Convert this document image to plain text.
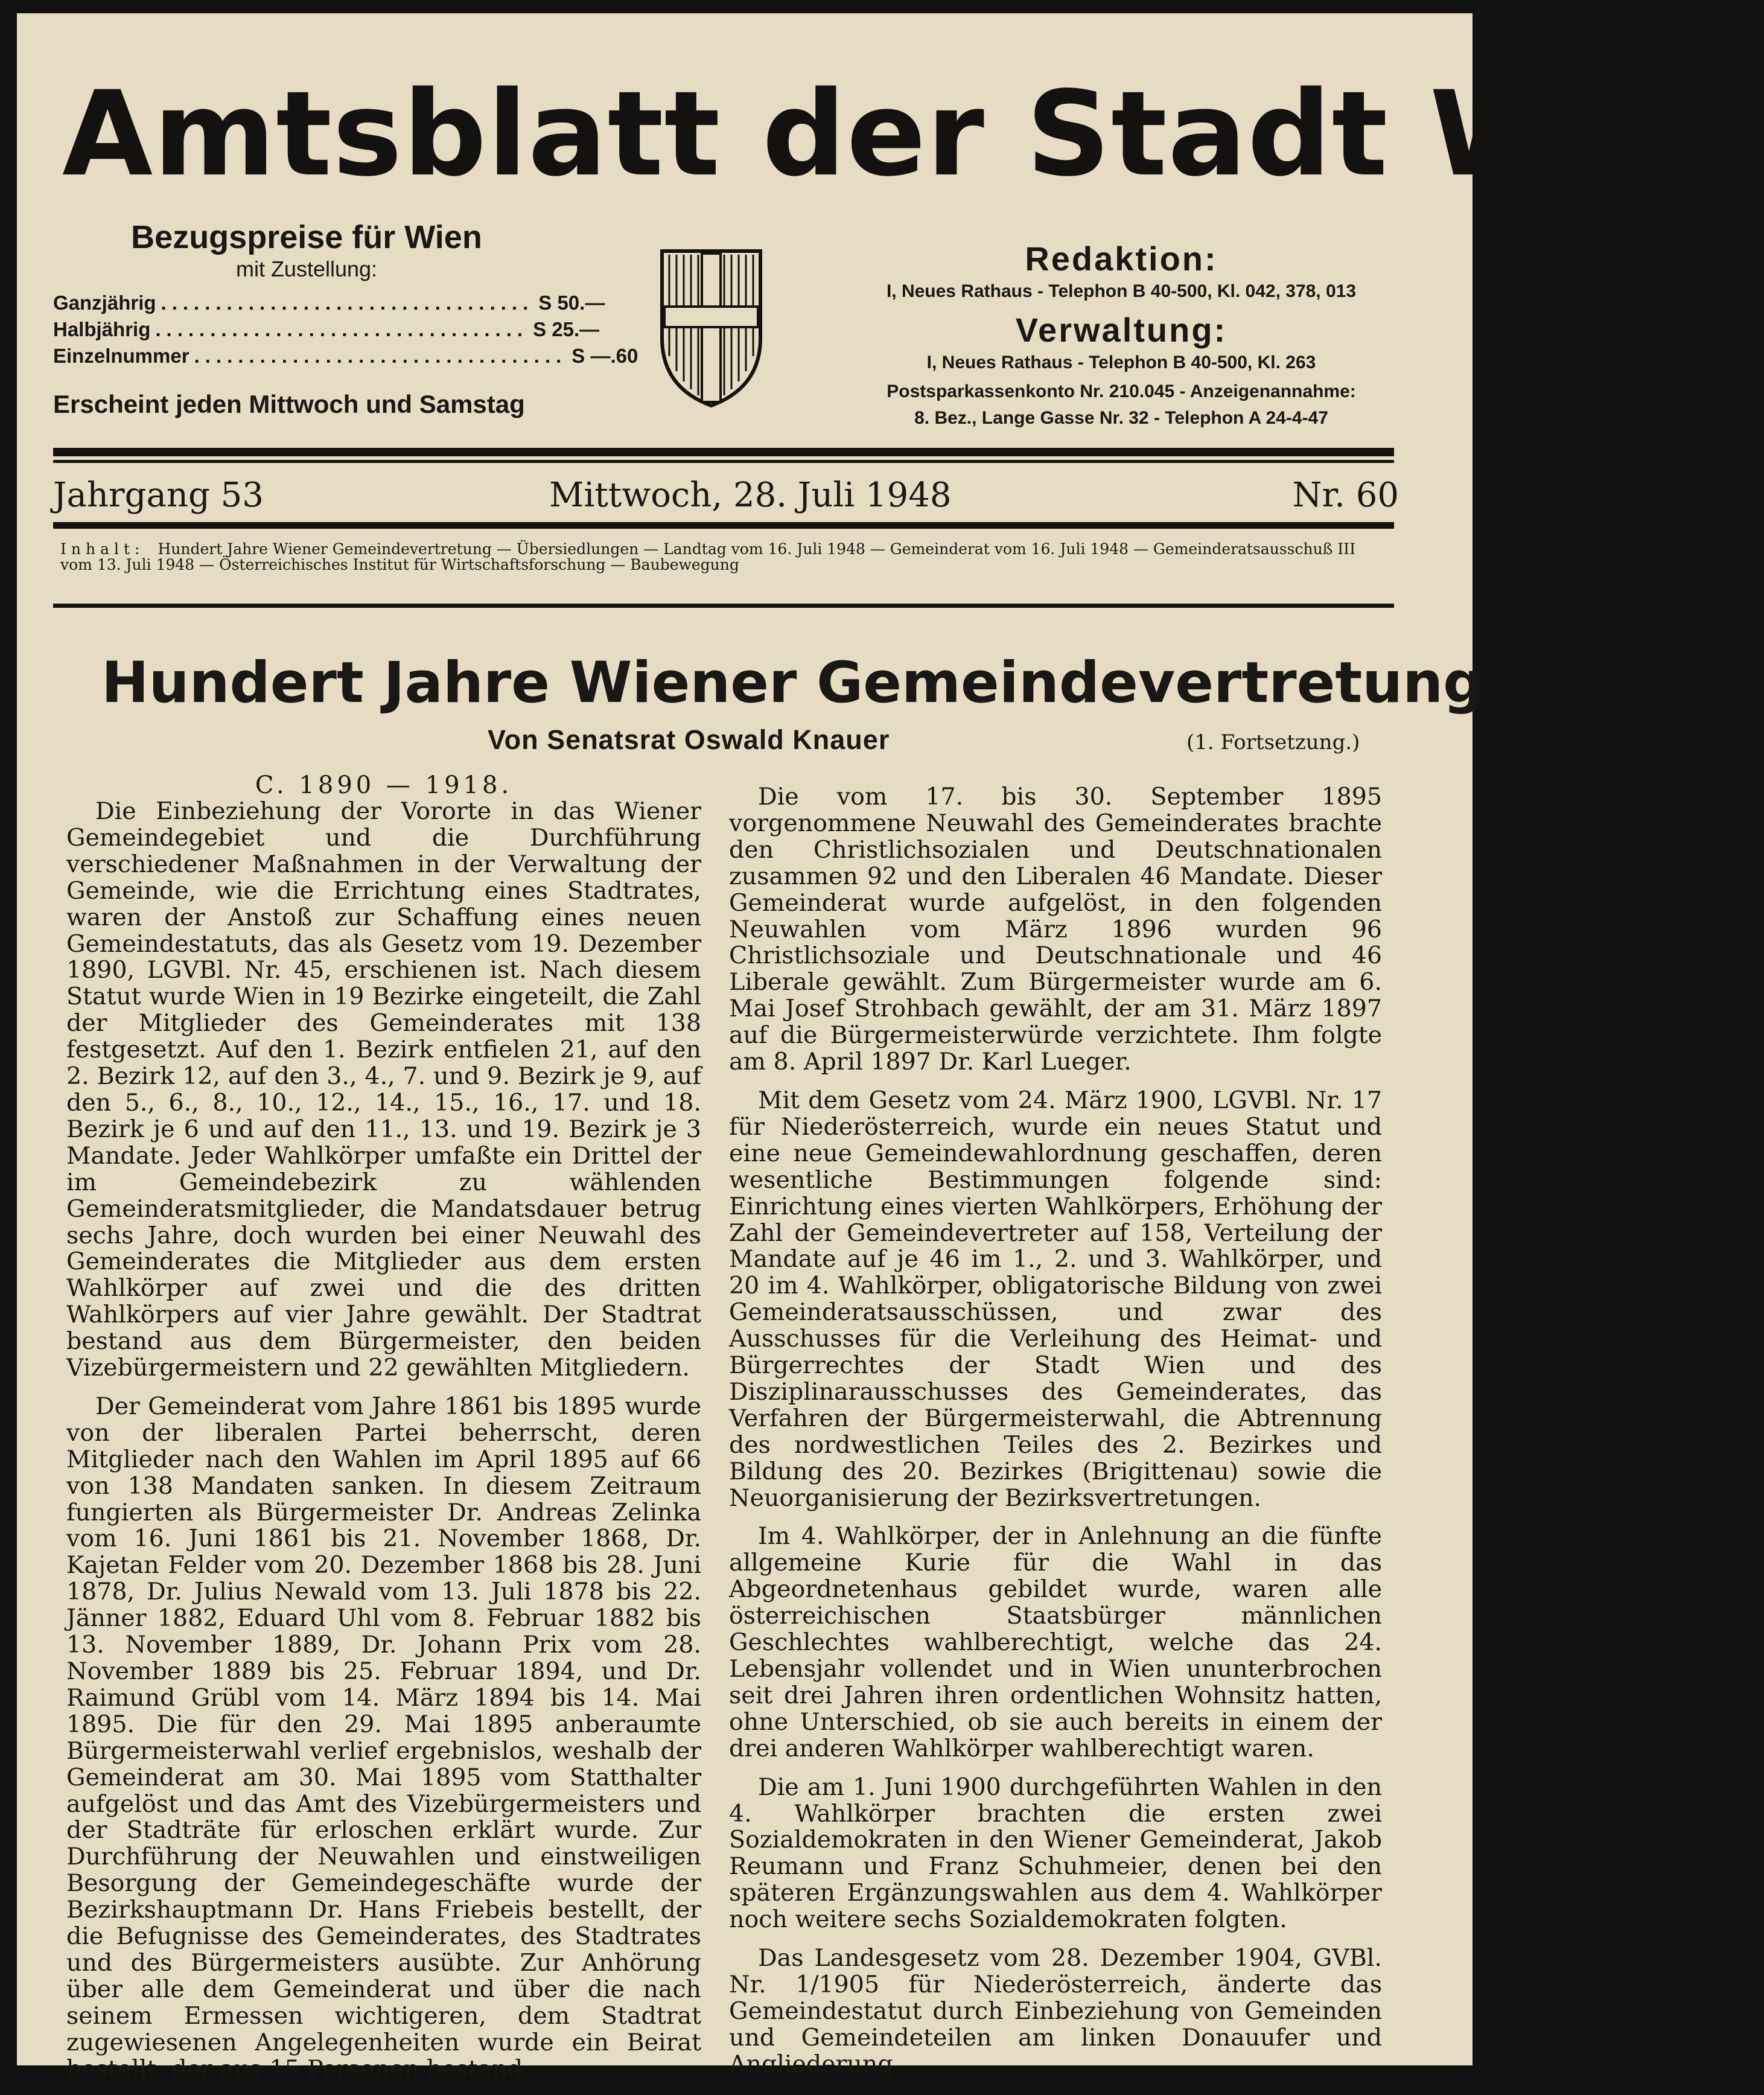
Amtsblatt der Stadt Wien
Bezugspreise für Wien
mit Zustellung:
Ganzjährig .................................. S 50.—
Halbjährig .................................. S 25.—
Einzelnummer .................................. S —.60
Erscheint jeden Mittwoch und Samstag
Redaktion:
I, Neues Rathaus - Telephon B 40-500, Kl. 042, 378, 013
Verwaltung:
I, Neues Rathaus - Telephon B 40-500, Kl. 263
Postsparkassenkonto Nr. 210.045 - Anzeigenannahme:
8. Bez., Lange Gasse Nr. 32 - Telephon A 24-4-47
Jahrgang 53	Mittwoch, 28. Juli 1948	Nr. 60
Inhalt: Hundert Jahre Wiener Gemeindevertretung — Übersiedlungen — Landtag vom 16. Juli 1948 — Gemeinderat vom 16. Juli 1948 — Gemeinderatsausschuß III vom 13. Juli 1948 — Österreichisches Institut für Wirtschaftsforschung — Baubewegung
Hundert Jahre Wiener Gemeindevertretung
Von Senatsrat Oswald Knauer	(1. Fortsetzung.)

C. 1890 — 1918.

Die Einbeziehung der Vororte in das Wiener Gemeindegebiet und die Durchführung verschiedener Maßnahmen in der Verwaltung der Gemeinde, wie die Errichtung eines Stadtrates, waren der Anstoß zur Schaffung eines neuen Gemeindestatuts, das als Gesetz vom 19. Dezember 1890, LGVBl. Nr. 45, erschienen ist. Nach diesem Statut wurde Wien in 19 Bezirke eingeteilt, die Zahl der Mitglieder des Gemeinderates mit 138 festgesetzt. Auf den 1. Bezirk entfielen 21, auf den 2. Bezirk 12, auf den 3., 4., 7. und 9. Bezirk je 9, auf den 5., 6., 8., 10., 12., 14., 15., 16., 17. und 18. Bezirk je 6 und auf den 11., 13. und 19. Bezirk je 3 Mandate. Jeder Wahlkörper umfaßte ein Drittel der im Gemeindebezirk zu wählenden Gemeinderatsmitglieder, die Mandatsdauer betrug sechs Jahre, doch wurden bei einer Neuwahl des Gemeinderates die Mitglieder aus dem ersten Wahlkörper auf zwei und die des dritten Wahlkörpers auf vier Jahre gewählt. Der Stadtrat bestand aus dem Bürgermeister, den beiden Vizebürgermeistern und 22 gewählten Mitgliedern.

Der Gemeinderat vom Jahre 1861 bis 1895 wurde von der liberalen Partei beherrscht, deren Mitglieder nach den Wahlen im April 1895 auf 66 von 138 Mandaten sanken. In diesem Zeitraum fungierten als Bürgermeister Dr. Andreas Zelinka vom 16. Juni 1861 bis 21. November 1868, Dr. Kajetan Felder vom 20. Dezember 1868 bis 28. Juni 1878, Dr. Julius Newald vom 13. Juli 1878 bis 22. Jänner 1882, Eduard Uhl vom 8. Februar 1882 bis 13. November 1889, Dr. Johann Prix vom 28. November 1889 bis 25. Februar 1894, und Dr. Raimund Grübl vom 14. März 1894 bis 14. Mai 1895. Die für den 29. Mai 1895 anberaumte Bürgermeisterwahl verlief ergebnislos, weshalb der Gemeinderat am 30. Mai 1895 vom Statthalter aufgelöst und das Amt des Vizebürgermeisters und der Stadträte für erloschen erklärt wurde. Zur Durchführung der Neuwahlen und einstweiligen Besorgung der Gemeindegeschäfte wurde der Bezirkshauptmann Dr. Hans Friebeis bestellt, der die Befugnisse des Gemeinderates, des Stadtrates und des Bürgermeisters ausübte. Zur Anhörung über alle dem Gemeinderat und über die nach seinem Ermessen wichtigeren, dem Stadtrat zugewiesenen Angelegenheiten wurde ein Beirat bestellt, der aus 15 Personen bestand.

Die vom 17. bis 30. September 1895 vorgenommene Neuwahl des Gemeinderates brachte den Christlichsozialen und Deutschnationalen zusammen 92 und den Liberalen 46 Mandate. Dieser Gemeinderat wurde aufgelöst, in den folgenden Neuwahlen vom März 1896 wurden 96 Christlichsoziale und Deutschnationale und 46 Liberale gewählt. Zum Bürgermeister wurde am 6. Mai Josef Strohbach gewählt, der am 31. März 1897 auf die Bürgermeisterwürde verzichtete. Ihm folgte am 8. April 1897 Dr. Karl Lueger.

Mit dem Gesetz vom 24. März 1900, LGVBl. Nr. 17 für Niederösterreich, wurde ein neues Statut und eine neue Gemeindewahlordnung geschaffen, deren wesentliche Bestimmungen folgende sind: Einrichtung eines vierten Wahlkörpers, Erhöhung der Zahl der Gemeindevertreter auf 158, Verteilung der Mandate auf je 46 im 1., 2. und 3. Wahlkörper, und 20 im 4. Wahlkörper, obligatorische Bildung von zwei Gemeinderatsausschüssen, und zwar des Ausschusses für die Verleihung des Heimat- und Bürgerrechtes der Stadt Wien und des Disziplinarausschusses des Gemeinderates, das Verfahren der Bürgermeisterwahl, die Abtrennung des nordwestlichen Teiles des 2. Bezirkes und Bildung des 20. Bezirkes (Brigittenau) sowie die Neuorganisierung der Bezirksvertretungen.

Im 4. Wahlkörper, der in Anlehnung an die fünfte allgemeine Kurie für die Wahl in das Abgeordnetenhaus gebildet wurde, waren alle österreichischen Staatsbürger männlichen Geschlechtes wahlberechtigt, welche das 24. Lebensjahr vollendet und in Wien ununterbrochen seit drei Jahren ihren ordentlichen Wohnsitz hatten, ohne Unterschied, ob sie auch bereits in einem der drei anderen Wahlkörper wahlberechtigt waren.

Die am 1. Juni 1900 durchgeführten Wahlen in den 4. Wahlkörper brachten die ersten zwei Sozialdemokraten in den Wiener Gemeinderat, Jakob Reumann und Franz Schuhmeier, denen bei den späteren Ergänzungswahlen aus dem 4. Wahlkörper noch weitere sechs Sozialdemokraten folgten.

Das Landesgesetz vom 28. Dezember 1904, GVBl. Nr. 1/1905 für Niederösterreich, änderte das Gemeindestatut durch Einbeziehung von Gemeinden und Gemeindeteilen am linken Donauufer und Angliederung
